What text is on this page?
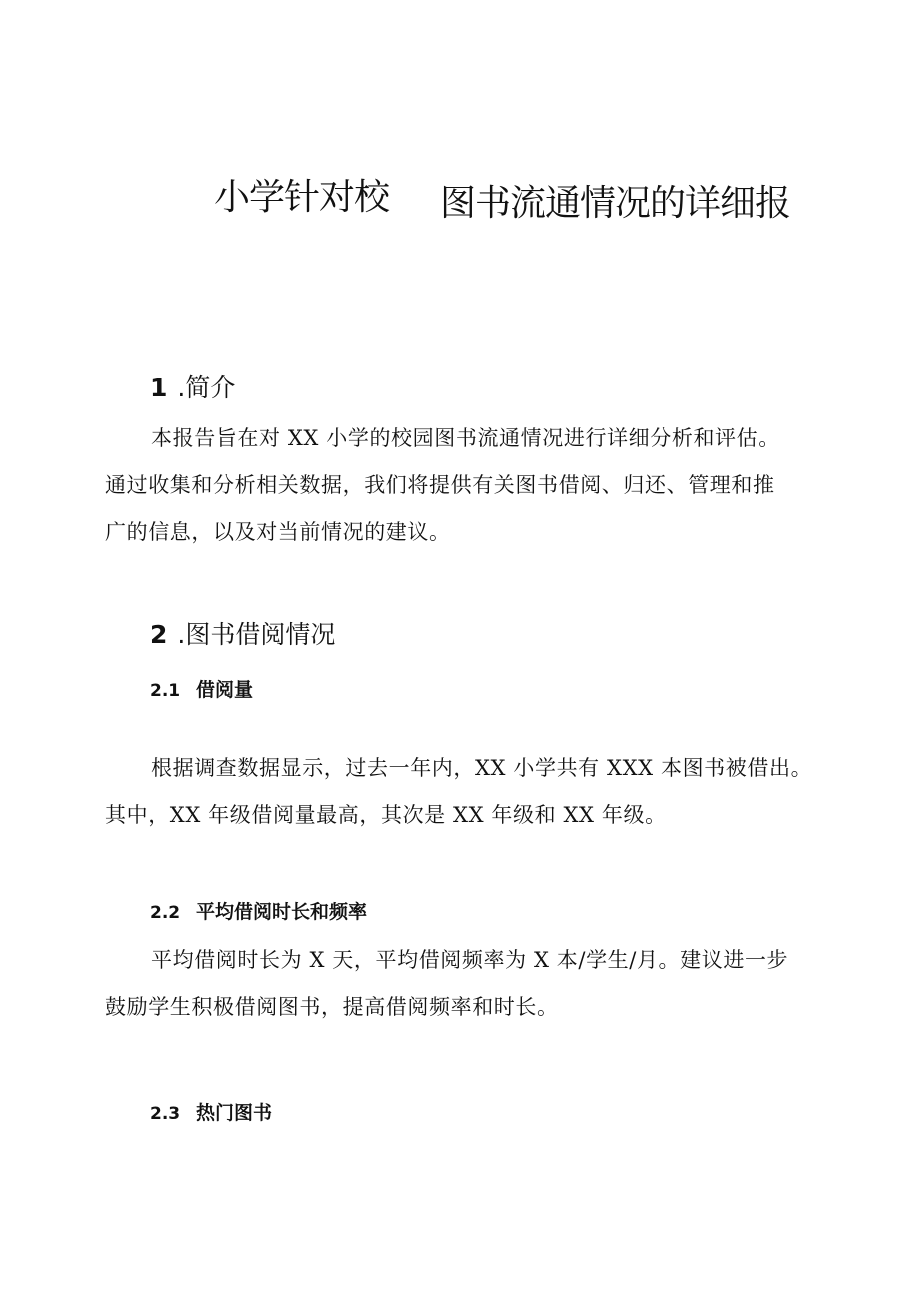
小学针对校 图书流通情况的详细报
1 .简介
本报告旨在对 XX 小学的校园图书流通情况进行详细分析和评估。
通过收集和分析相关数据，我们将提供有关图书借阅、归还、管理和推
广的信息，以及对当前情况的建议。
2 .图书借阅情况
2.1 借阅量
根据调查数据显示，过去一年内，XX 小学共有 XXX 本图书被借出。
其中，XX 年级借阅量最高，其次是 XX 年级和 XX 年级。
2.2 平均借阅时长和频率
平均借阅时长为 X 天，平均借阅频率为 X 本/学生/月。建议进一步
鼓励学生积极借阅图书，提高借阅频率和时长。
2.3 热门图书
